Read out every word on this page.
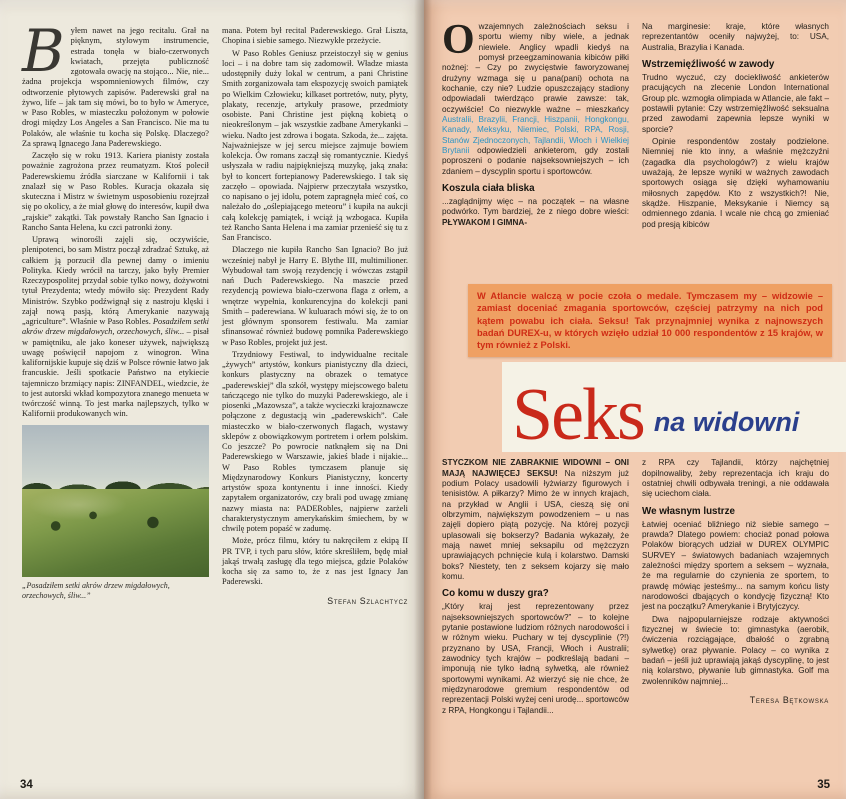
Byłem nawet na jego recitalu. Grał na pięknym, stylowym instrumencie, estrada tonęła w biało-czerwonych kwiatach, przejęta publiczność zgotowała owację na stojąco... Nie, nie... żadna projekcja wspomnieniowych filmów, czy odtworzenie płytowych zapisów. Paderewski grał na żywo, life – jak tam się mówi, bo to było w Ameryce, w Paso Robles, w miasteczku położonym w połowie drogi między Los Angeles a San Francisco. Nie ma tu Polaków, ale właśnie tu kocha się Polskę. Dlaczego? Za sprawą Ignacego Jana Paderewskiego.

Zaczęło się w roku 1913. Kariera pianisty została poważnie zagrożona przez reumatyzm. Ktoś polecił Paderewskiemu źródła siarczane w Kalifornii i tak znalazł się w Paso Robles. Kuracja okazała się skuteczna i Mistrz w świetnym usposobieniu rozejrzał się po okolicy, a że miał głowę do interesów, kupił dwa „rajskie” zakątki. Tak powstały Rancho San Ignacio i Rancho Santa Helena, ku czci patronki żony.

Uprawą winorośli zajęli się, oczywiście, plenipotenci, bo sam Mistrz począł zdradzać Sztukę, aż całkiem ją porzucił dla pewnej damy o imieniu Polityka. Kiedy wrócił na tarczy, jako były Premier Rzeczypospolitej przydał sobie tylko nowy, dożywotni tytuł Prezydenta; wtedy mówiło się: Prezydent Rady Ministrów. Szybko podźwignął się z nastroju klęski i zajął nową pasją, którą Amerykanie nazywają „agriculture”. Właśnie w Paso Robles. Posadziłem setki akrów drzew migdałowych, orzechowych, śliw... – pisał w pamiętniku, ale jako koneser używek, największą uwagę poświęcił napojom z winogron. Wina kalifornijskie kupuje się dziś w Polsce równie łatwo jak francuskie. Jeśli spotkacie Państwo na etykiecie tajemniczo brzmiący napis: ZINFANDEL, wiedzcie, że to jest autorski wkład kompozytora znanego menueta w twórczość winną. To jest marka najlepszych, tylko w Kalifornii produkowanych win.

„Posadziłem setki akrów drzew migdałowych, orzechowych, śliw...”

mana. Potem był recital Paderewskiego. Grał Liszta, Chopina i siebie samego. Niezwykłe przeżycie.

W Paso Robles Geniusz przeistoczył się w genius loci – i na dobre tam się zadomowił. Władze miasta udostępniły duży lokal w centrum, a pani Christine Smith zorganizowała tam ekspozycję swoich pamiątek po Wielkim Człowieku; kilkaset portretów, nuty, płyty, plakaty, recenzje, artykuły prasowe, przedmioty osobiste. Pani Christine jest piękną kobietą o nieokreślonym – jak wszystkie zadbane Amerykanki – wieku. Nadto jest zdrowa i bogata. Szkoda, że... zajęta. Najważniejsze w jej sercu miejsce zajmuje bowiem kolekcja. Ów romans zaczął się romantycznie. Kiedyś usłyszała w radiu najpiękniejszą muzykę, jaką znała: był to koncert fortepianowy Paderewskiego. I tak się zaczęło – opowiada. Najpierw przeczytała wszystko, co napisano o jej idolu, potem zapragnęła mieć coś, co należało do „oślepiającego meteoru” i kupiła na aukcji całą kolekcję pamiątek, i wciąż ją wzbogaca. Kupiła też Rancho Santa Helena i ma zamiar przenieść się tu z San Francisco.

Dlaczego nie kupiła Rancho San Ignacio? Bo już wcześniej nabył je Harry E. Blythe III, multimilioner. Wybudował tam swoją rezydencję i wówczas zstąpił nań Duch Paderewskiego. Na maszcie przed rezydencją powiewa biało-czerwona flaga z orłem, a wnętrze wypełnia, konkurencyjna do kolekcji pani Smith – paderewiana. W kuluarach mówi się, że to on jest głównym sponsorem festiwalu. Ma zamiar sfinansować również budowę pomnika Paderewskiego w Paso Robles, projekt już jest.

Trzydniowy Festiwal, to indywidualne recitale „żywych” artystów, konkurs pianistyczny dla dzieci, konkurs plastyczny na obrazek o tematyce „paderewskiej” dla szkół, występy miejscowego baletu tańczącego nie tylko do muzyki Paderewskiego, ale i piosenki „Mazowsza”, a także wycieczki krajoznawcze połączone z degustacją win „paderewskich”. Całe miasteczko w biało-czerwonych flagach, wystawy sklepów z obowiązkowym portretem i orłem polskim. Co jeszcze? Po powrocie natknąłem się na Dni Paderewskiego w Warszawie, jakieś blade i nijakie... W Paso Robles tymczasem planuje się Międzynarodowy Konkurs Pianistyczny, koncerty artystów spoza kontynentu i inne inności. Kiedy zapytałem organizatorów, czy brali pod uwagę zmianę nazwy miasta na: PADERobles, najpierw zarżeli charakterystycznym amerykańskim śmiechem, by w chwilę potem popaść w zadumę.

Może, prócz filmu, który tu nakręciłem z ekipą II PR TVP, i tych paru słów, które skreśliłem, będę miał jakąś trwałą zasługę dla tego miejsca, gdzie Polaków kocha się za samo to, że z nas jest Ignacy Jan Paderewski.

Stefan Szlachtycz

34

Owzajemnych zależnościach seksu i sportu wiemy niby wiele, a jednak niewiele. Anglicy wpadli kiedyś na pomysł przeegzaminowania kibiców piłki nożnej: – Czy po zwycięstwie faworyzowanej drużyny wzmaga się u pana(pani) ochota na kochanie, czy nie? Ludzie opuszczający stadiony odpowiadali twierdząco prawie zawsze: tak, oczywiście! Co niezwykle ważne – mieszkańcy Australii, Brazylii, Francji, Hiszpanii, Hongkongu, Kanady, Meksyku, Niemiec, Polski, RPA, Rosji, Stanów Zjednoczonych, Tajlandii, Włoch i Wielkiej Brytanii odpowiedzieli ankieterom, gdy zostali poproszeni o podanie najseksowniejszych – ich zdaniem – dyscyplin sportu i sportowców.

Koszula ciała bliska

...zaglądnijmy więc – na początek – na własne podwórko. Tym bardziej, że z niego dobre wieści: PŁYWAKOM I GIMNA-

Na marginesie: kraje, które własnych reprezentantów oceniły najwyżej, to: USA, Australia, Brazylia i Kanada.

Wstrzemięźliwość w zawody

Trudno wyczuć, czy dociekliwość ankieterów pracujących na zlecenie London International Group plc. wzmogła olimpiada w Atlancie, ale fakt – postawili pytanie: Czy wstrzemięźliwość seksualna przed zawodami zapewnia lepsze wyniki w sporcie?

Opinie respondentów zostały podzielone. Niemniej nie kto inny, a właśnie mężczyźni (zagadka dla psychologów?) z wielu krajów uważają, że lepsze wyniki w ważnych zawodach sportowych osiąga się dzięki wyhamowaniu miłosnych zapędów. Kto z wszystkich?! Nie, skądże. Hiszpanie, Meksykanie i Niemcy są odmiennego zdania. I wcale nie chcą go zmieniać pod presją kibiców

W Atlancie walczą w pocie czoła o medale. Tymczasem my – widzowie – zamiast doceniać zmagania sportowców, częściej patrzymy na nich pod kątem powabu ich ciała. Seksu! Tak przynajmniej wynika z najnowszych badań DUREX-u, w których wzięło udział 10 000 respondentów z 15 krajów, w tym również z Polski.

Seks na widowni

STYCZKOM NIE ZABRAKNIE WIDOWNI – ONI MAJĄ NAJWIĘCEJ SEKSU! Na niższym już podium Polacy usadowili łyżwiarzy figurowych i tenisistów. A piłkarzy? Mimo że w innych krajach, na przykład w Anglii i USA, cieszą się oni olbrzymim, największym powodzeniem – u nas zajęli dopiero piątą pozycję. Na której pozycji uplasowali się bokserzy? Badania wykazały, że mają nawet mniej seksapilu od mężczyzn uprawiających pchnięcie kulą i kolarstwo. Damski boks? Niestety, ten z seksem kojarzy się mało komu.

Co komu w duszy gra?

„Który kraj jest reprezentowany przez najseksowniejszych sportowców?” – to kolejne pytanie postawione ludziom różnych narodowości i w różnym wieku. Puchary w tej dyscyplinie (?!) przyznano by USA, Francji, Włoch i Australii; zawodnicy tych krajów – podkreślają badani – imponują nie tylko ładną sylwetką, ale również sportowymi wynikami. Aż wierzyć się nie chce, że międzynarodowe gremium respondentów od reprezentacji Polski wyżej ceni urodę... sportowców z RPA, Hongkongu i Tajlandii...

z RPA czy Tajlandii, którzy najchętniej dopilnowaliby, żeby reprezentacja ich kraju do ostatniej chwili odbywała treningi, a nie oddawała się uciechom ciała.

We własnym lustrze

Łatwiej oceniać bliźniego niż siebie samego – prawda? Dlatego powiem: chociaż ponad połowa Polaków biorących udział w DUREX OLYMPIC SURVEY – światowych badaniach wzajemnych zależności między sportem a seksem – wyznała, że ma regularnie do czynienia ze sportem, to prawdę mówiąc jesteśmy... na samym końcu listy narodowości dbających o kondycję fizyczną! Kto jest na początku? Amerykanie i Brytyjczycy.

Dwa najpopularniejsze rodzaje aktywności fizycznej w świecie to: gimnastyka (aerobik, ćwiczenia rozciągające, dbałość o zgrabną sylwetkę) oraz pływanie. Polacy – co wynika z badań – jeśli już uprawiają jakąś dyscyplinę, to jest nią kolarstwo, pływanie lub gimnastyka. Golf ma zwolenników najmniej...

Teresa Bętkowska

35
